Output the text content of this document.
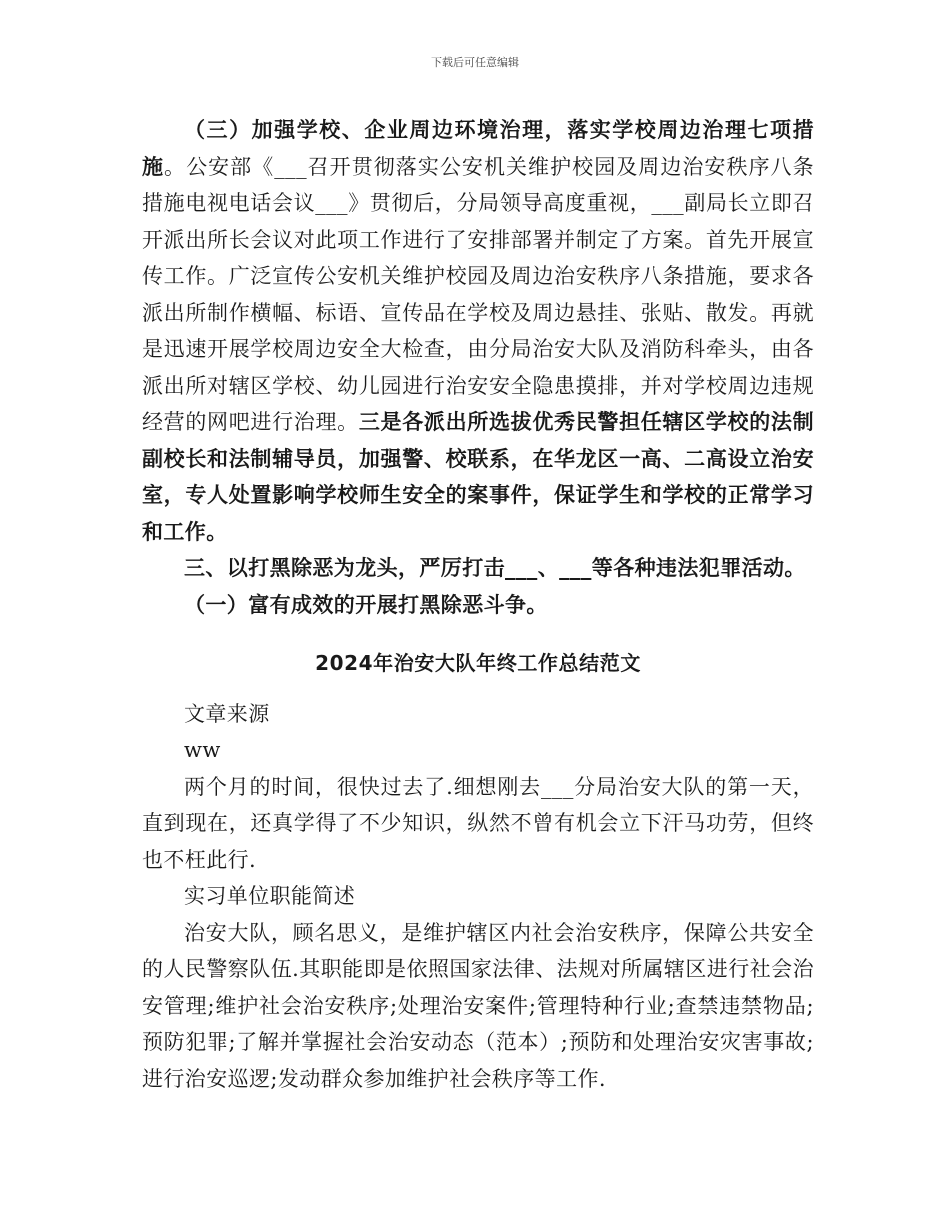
下载后可任意编辑

（三）加强学校、企业周边环境治理，落实学校周边治理七项措施。公安部《___召开贯彻落实公安机关维护校园及周边治安秩序八条措施电视电话会议___》贯彻后，分局领导高度重视，___副局长立即召开派出所长会议对此项工作进行了安排部署并制定了方案。首先开展宣传工作。广泛宣传公安机关维护校园及周边治安秩序八条措施，要求各派出所制作横幅、标语、宣传品在学校及周边悬挂、张贴、散发。再就是迅速开展学校周边安全大检查，由分局治安大队及消防科牵头，由各派出所对辖区学校、幼儿园进行治安安全隐患摸排，并对学校周边违规经营的网吧进行治理。三是各派出所选拔优秀民警担任辖区学校的法制副校长和法制辅导员，加强警、校联系，在华龙区一高、二高设立治安室，专人处置影响学校师生安全的案事件，保证学生和学校的正常学习和工作。

三、以打黑除恶为龙头，严厉打击___、___等各种违法犯罪活动。

（一）富有成效的开展打黑除恶斗争。

2024年治安大队年终工作总结范文

文章来源

ww

两个月的时间，很快过去了.细想刚去___分局治安大队的第一天，直到现在，还真学得了不少知识，纵然不曾有机会立下汗马功劳，但终也不枉此行.

实习单位职能简述

治安大队，顾名思义，是维护辖区内社会治安秩序，保障公共安全的人民警察队伍.其职能即是依照国家法律、法规对所属辖区进行社会治安管理;维护社会治安秩序;处理治安案件;管理特种行业;查禁违禁物品;预防犯罪;了解并掌握社会治安动态（范本）;预防和处理治安灾害事故;进行治安巡逻;发动群众参加维护社会秩序等工作.
